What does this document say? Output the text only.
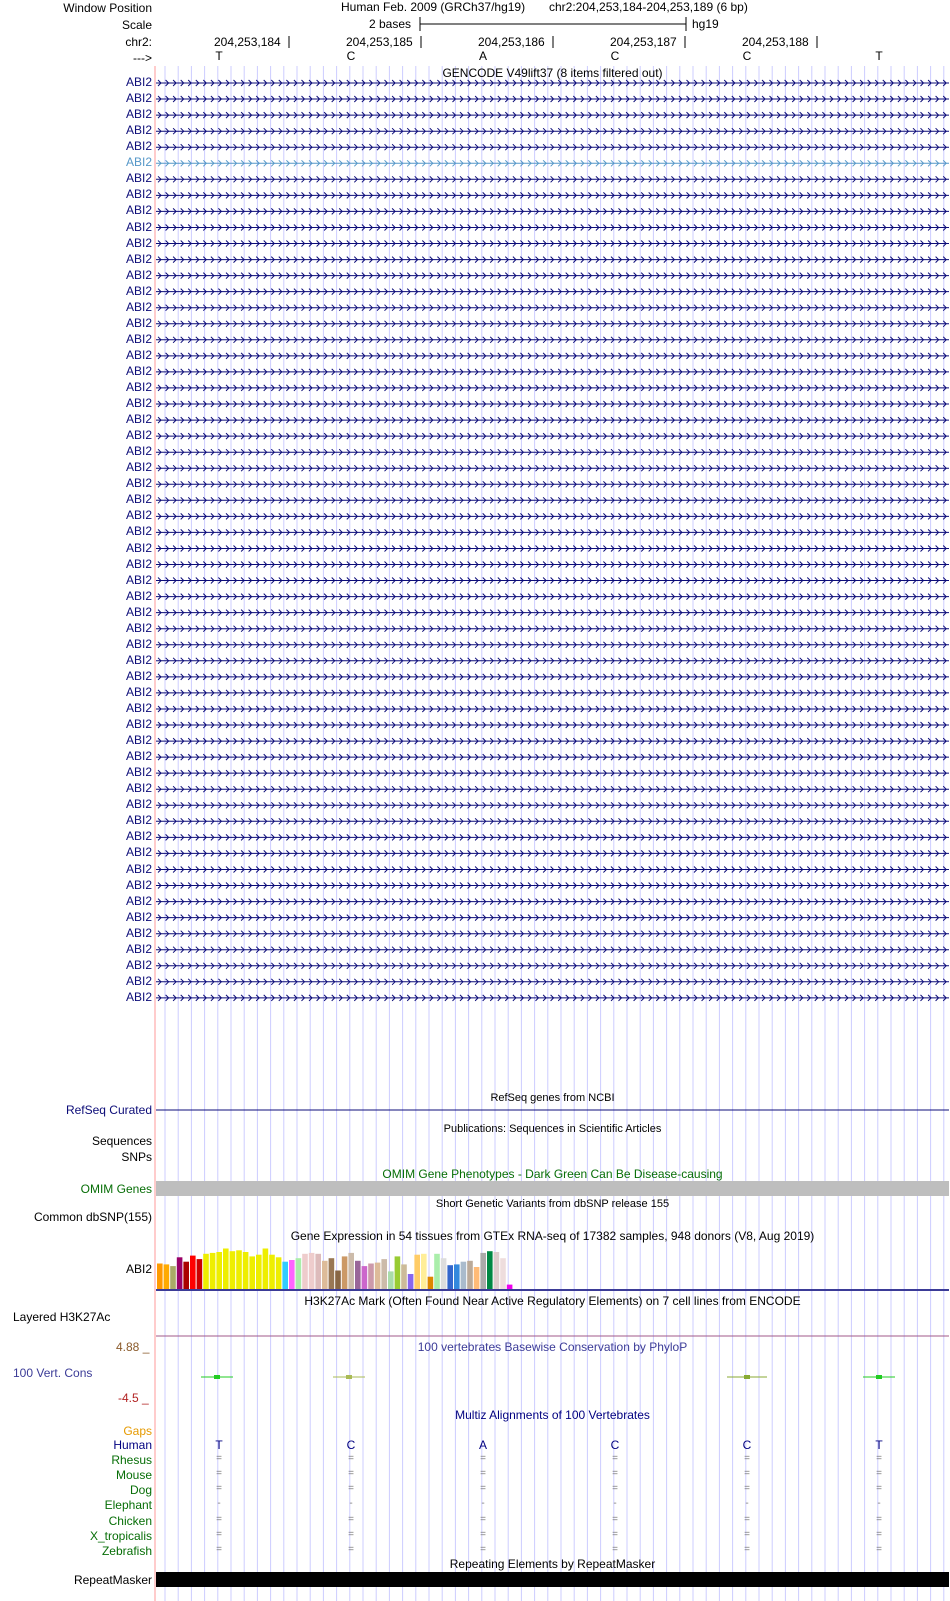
Window Position	Human Feb. 2009 (GRCh37/hg19) chr2:204,253,184-204,253,189 (6 bp)
Scale	2 bases	hg19
chr2:
--->
204,253,184	204,253,185	204,253,186	204,253,187	204,253,188
T	C	A	C	C	T
GENCODE V49lift37 (8 items filtered out)
ABI2
ABI2
ABI2
ABI2
ABI2
ABI2
ABI2
ABI2
ABI2
ABI2
ABI2
ABI2
ABI2
ABI2
ABI2
ABI2
ABI2
ABI2
ABI2
ABI2
ABI2
ABI2
ABI2
ABI2
ABI2
ABI2
ABI2
ABI2
ABI2
ABI2
ABI2
ABI2
ABI2
ABI2
ABI2
ABI2
ABI2
ABI2
ABI2
ABI2
ABI2
ABI2
ABI2
ABI2
ABI2
ABI2
ABI2
ABI2
ABI2
ABI2
ABI2
ABI2
ABI2
ABI2
ABI2
ABI2
ABI2
ABI2
RefSeq genes from NCBI
RefSeq Curated
Publications: Sequences in Scientific Articles
Sequences
SNPs
OMIM Gene Phenotypes - Dark Green Can Be Disease-causing
OMIM Genes
Short Genetic Variants from dbSNP release 155
Common dbSNP(155)
Gene Expression in 54 tissues from GTEx RNA-seq of 17382 samples, 948 donors (V8, Aug 2019)
ABI2
H3K27Ac Mark (Often Found Near Active Regulatory Elements) on 7 cell lines from ENCODE
Layered H3K27Ac
100 vertebrates Basewise Conservation by PhyloP
4.88 _
100 Vert. Cons
-4.5 _
Multiz Alignments of 100 Vertebrates
Gaps
Human	T	C	A	C	C	T
Rhesus	=	=	=	=	=	=
Mouse	=	=	=	=	=	=
Dog	=	=	=	=	=	=
Elephant	-	-	-	-	-	-
Chicken	=	=	=	=	=	=
X_tropicalis	=	=	=	=	=	=
Zebrafish	=	=	=	=	=	=
Repeating Elements by RepeatMasker
RepeatMasker
